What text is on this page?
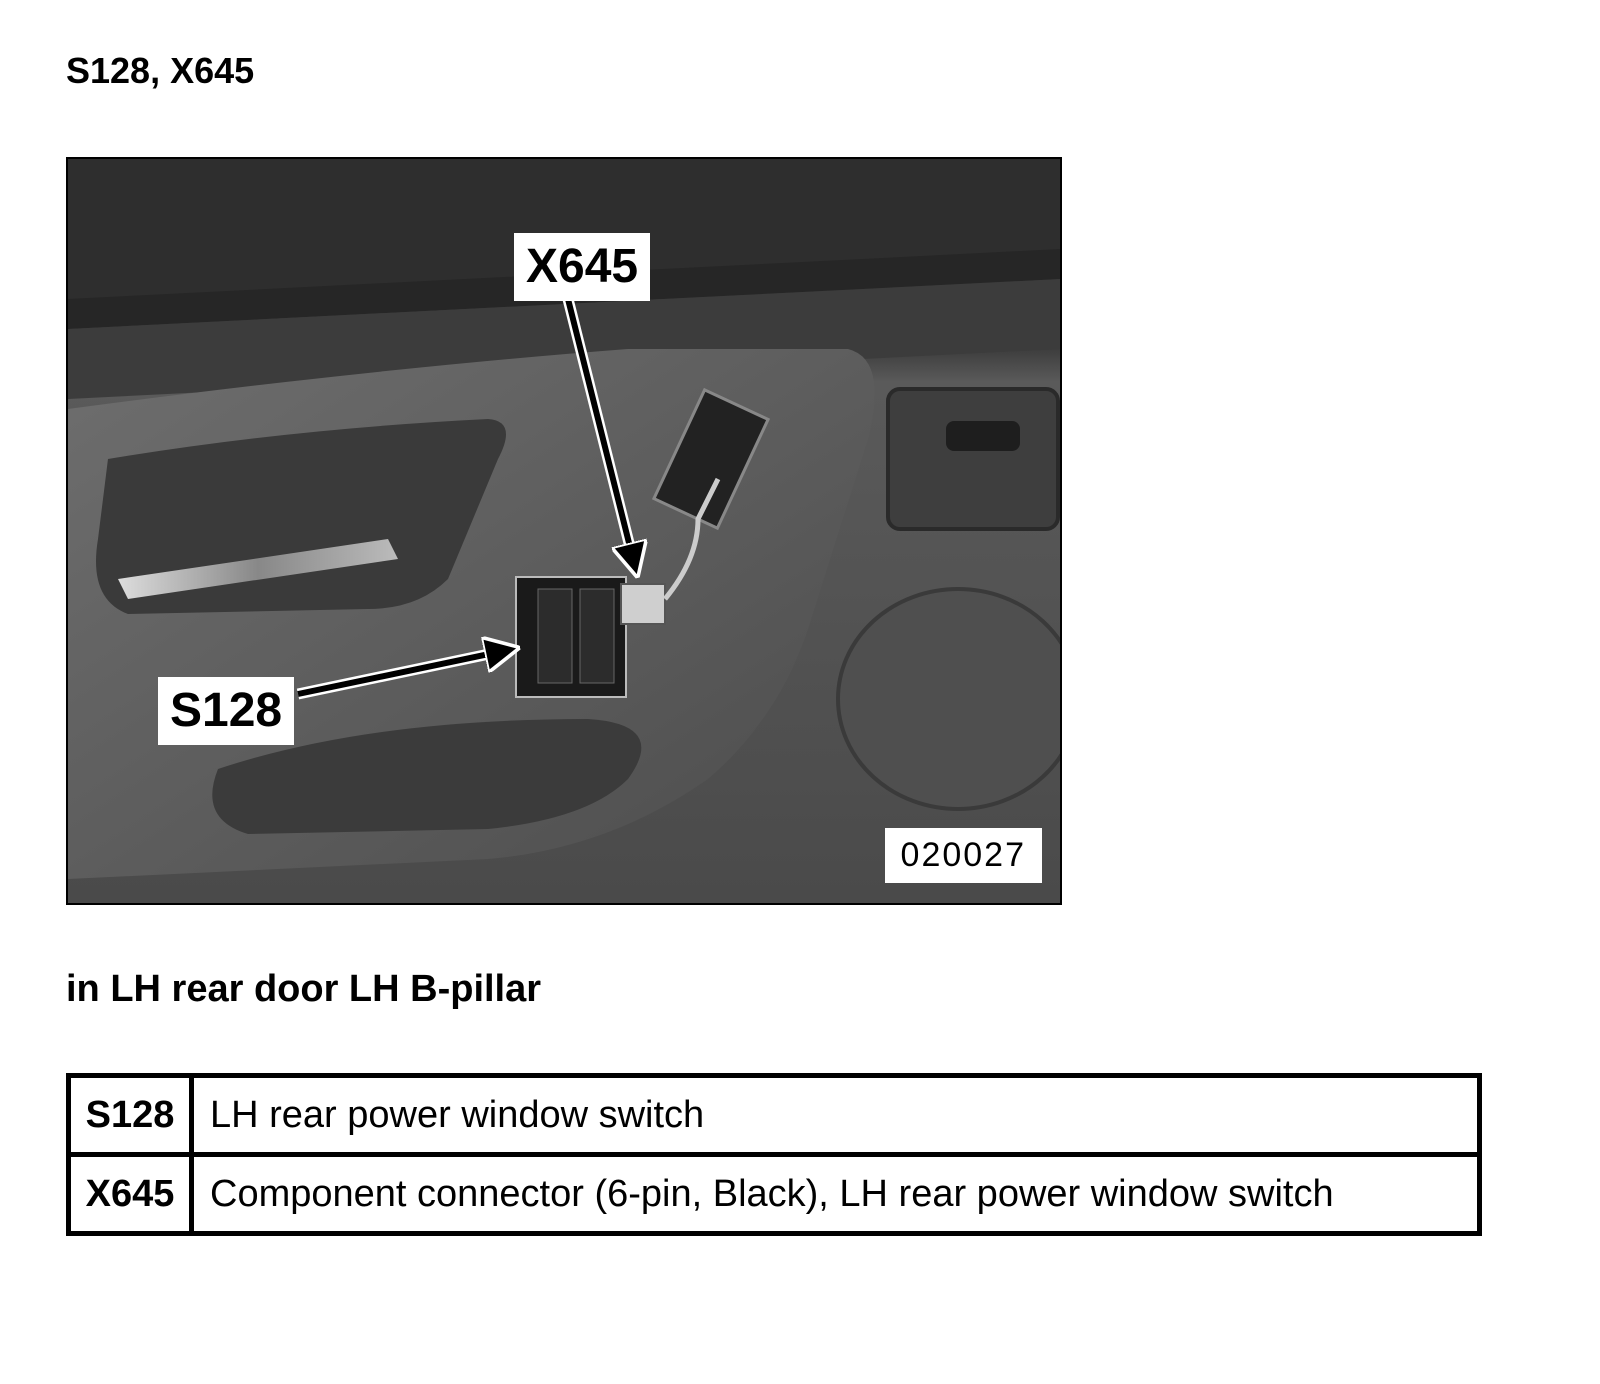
S128, X645
X645
S128
020027

in LH rear door LH B-pillar

S128	LH rear power window switch
X645	Component connector (6-pin, Black), LH rear power window switch
